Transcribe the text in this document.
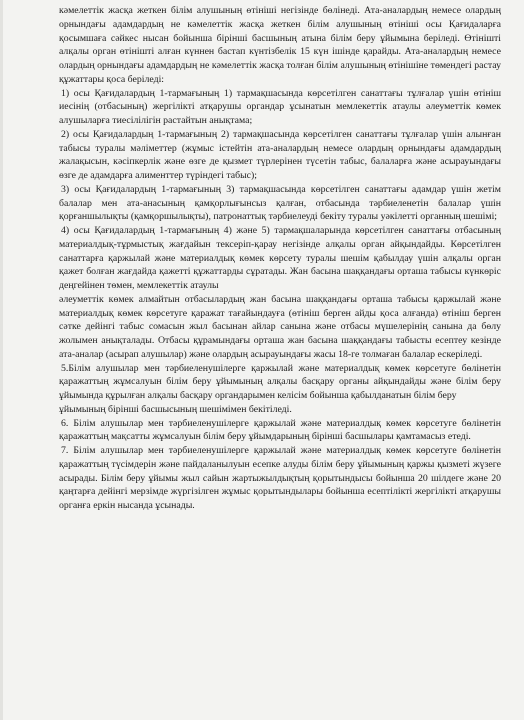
кәмелеттік жасқа жеткен білім алушының өтініші негізінде бөлінеді. Ата-аналардың немесе олардың орнындағы адамдардың не кәмелеттік жасқа жеткен білім алушының өтініші осы Қағидаларға қосымшаға сәйкес нысан бойынша бірінші басшының атына білім беру ұйымына беріледі. Өтінішті алқалы орган өтінішті алған күннен бастап күнтізбелік 15 күн ішінде қарайды. Ата-аналардың немесе олардың орнындағы адамдардың не кәмелеттік жасқа толған білім алушының өтінішіне төмендегі растау құжаттары қоса беріледі:

1) осы Қағидалардың 1-тармағының 1) тармақшасында көрсетілген санаттағы тұлғалар үшін өтініш иесінің (отбасының) жергілікті атқарушы органдар ұсынатын мемлекеттік атаулы әлеуметтік көмек алушыларға тиесілілігін растайтын анықтама;

2) осы Қағидалардың 1-тармағының 2) тармақшасында көрсетілген санаттағы тұлғалар үшін алынған табысы туралы мәліметтер (жұмыс істейтін ата-аналардың немесе олардың орнындағы адамдардың жалақысын, кәсіпкерлік және өзге де қызмет түрлерінен түсетін табыс, балаларға және асырауындағы өзге де адамдарға алименттер түріндегі табыс);

3) осы Қағидалардың 1-тармағының 3) тармақшасында көрсетілген санаттағы адамдар үшін жетім балалар мен ата-анасының қамқорлығынсыз қалған, отбасында тәрбиеленетін балалар үшін қорғаншылықты (қамқоршылықты), патронаттық тәрбиелеуді бекіту туралы уәкілетті органның шешімі;

4) осы Қағидалардың 1-тармағының 4) және 5) тармақшаларында көрсетілген санаттағы отбасының материалдық-тұрмыстық жағдайын тексеріп-қарау негізінде алқалы орган айқындайды. Көрсетілген санаттарға қаржылай және материалдық көмек көрсету туралы шешім қабылдау үшін алқалы орган қажет болған жағдайда қажетті құжаттарды сұратады. Жан басына шаққандағы орташа табысы күнкөріс деңгейінен төмен, мемлекеттік атаулы

әлеуметтік көмек алмайтын отбасылардың жан басына шаққандағы орташа табысы қаржылай және материалдық көмек көрсетуге қаражат тағайындауға (өтініш берген айды қоса алғанда) өтініш берген сәтке дейінгі табыс сомасын жыл басынан айлар санына және отбасы мүшелерінің санына да бөлу жолымен анықталады. Отбасы құрамындағы орташа жан басына шаққандағы табысты есептеу кезінде ата-аналар (асырап алушылар) және олардың асырауындағы жасы 18-ге толмаған балалар ескеріледі.

5.Білім алушылар мен тәрбиеленушілерге қаржылай және материалдық көмек көрсетуге бөлінетін қаражаттың жұмсалуын білім беру ұйымының алқалы басқару органы айқындайды және білім беру ұйымында құрылған алқалы басқару органдарымен келісім бойынша қабылданатын білім беру

ұйымының бірінші басшысының шешімімен бекітіледі.

6. Білім алушылар мен тәрбиеленушілерге қаржылай және материалдық көмек көрсетуге бөлінетін қаражаттың мақсатты жұмсалуын білім беру ұйымдарының бірінші басшылары қамтамасыз етеді.

7. Білім алушылар мен тәрбиеленушілерге қаржылай және материалдық көмек көрсетуге бөлінетін қаражаттың түсімдерін және пайдаланылуын есепке алуды білім беру ұйымының қаржы қызметі жүзеге асырады. Білім беру ұйымы жыл сайын жартыжылдықтың қорытындысы бойынша 20 шілдеге және 20 қаңтарға дейінгі мерзімде жүргізілген жұмыс қорытындылары бойынша есептілікті жергілікті атқарушы органға еркін нысанда ұсынады.
